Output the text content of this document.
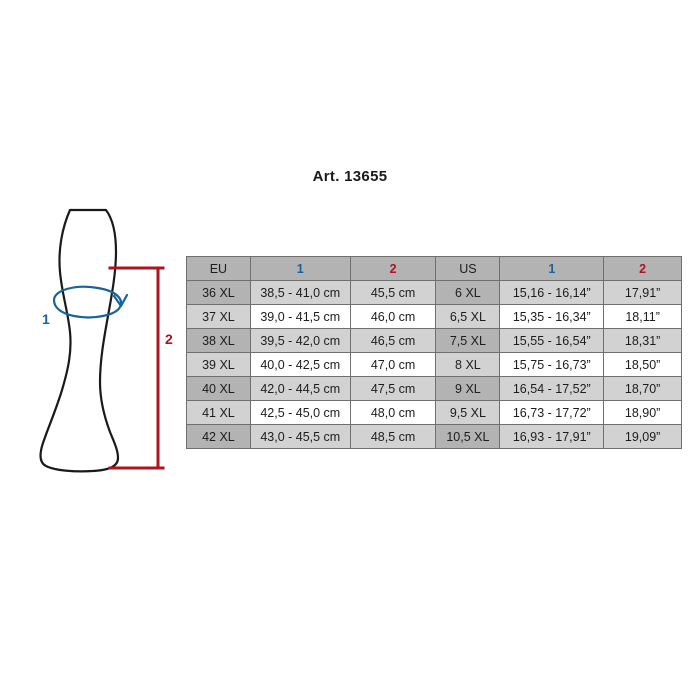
Art. 13655
1
2
EU	1	2	US	1	2
36 XL	38,5 - 41,0 cm	45,5 cm	6 XL	15,16 - 16,14”	17,91”
37 XL	39,0 - 41,5 cm	46,0 cm	6,5 XL	15,35 - 16,34”	18,11”
38 XL	39,5 - 42,0 cm	46,5 cm	7,5 XL	15,55 - 16,54”	18,31”
39 XL	40,0 - 42,5 cm	47,0 cm	8 XL	15,75 - 16,73”	18,50”
40 XL	42,0 - 44,5 cm	47,5 cm	9 XL	16,54 - 17,52”	18,70”
41 XL	42,5 - 45,0 cm	48,0 cm	9,5 XL	16,73 - 17,72”	18,90”
42 XL	43,0 - 45,5 cm	48,5 cm	10,5 XL	16,93 - 17,91”	19,09”
